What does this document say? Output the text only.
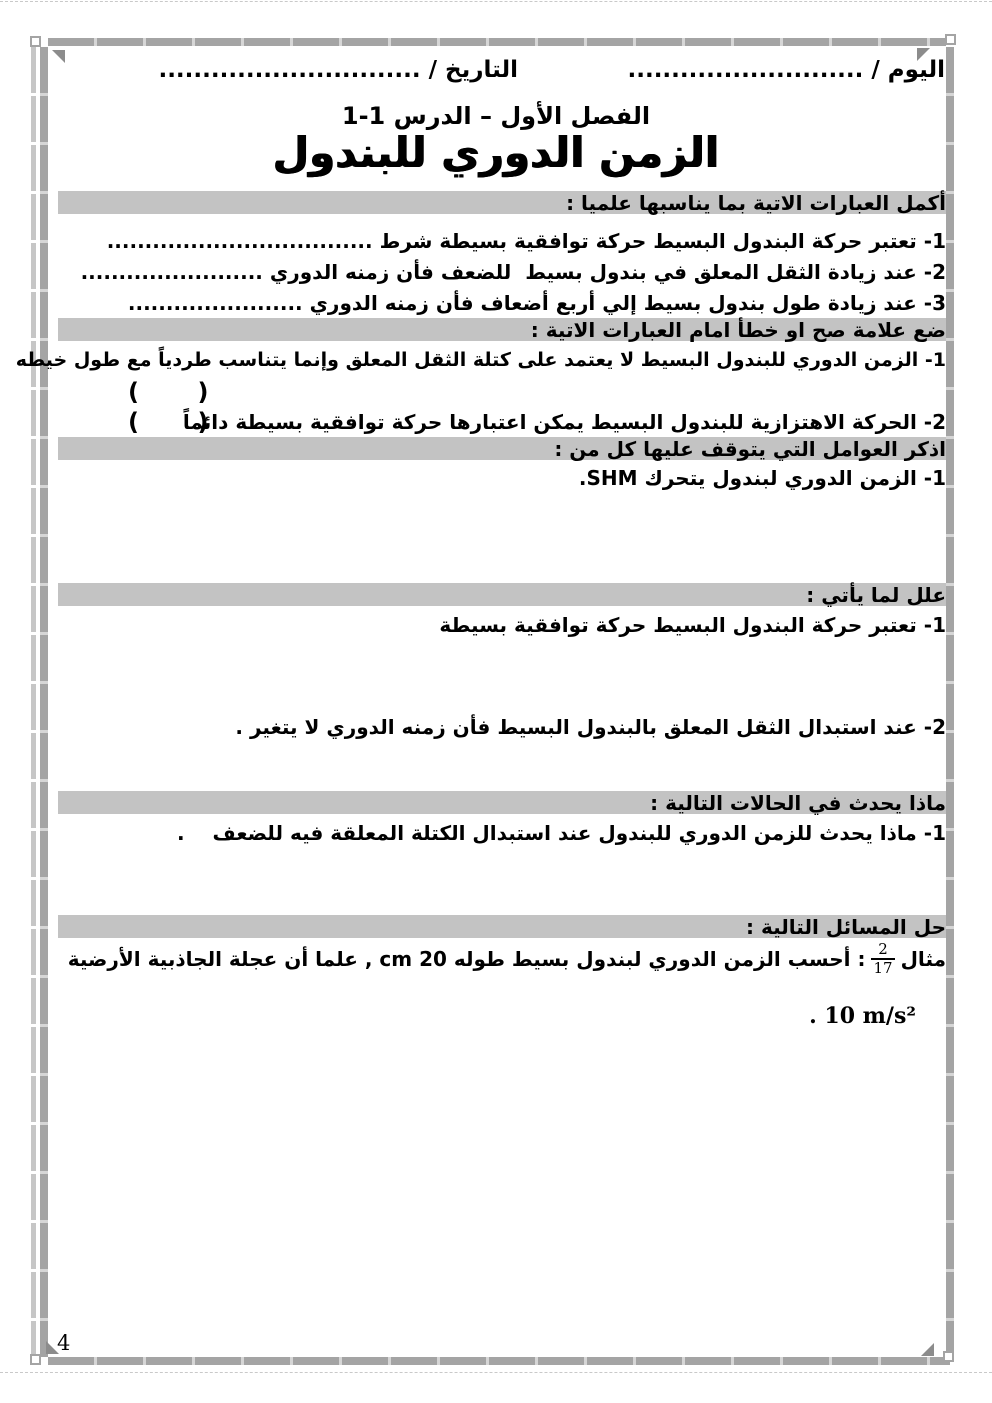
اليوم / ...........................
التاريخ / ..............................
الفصل الأول – الدرس 1-1
الزمن الدوري للبندول
أكمل العبارات الاتية بما يناسبها علميا :
1- تعتبر حركة البندول البسيط حركة توافقية بسيطة شرط ...................................
2- عند زيادة الثقل المعلق في بندول بسيط  للضعف فأن زمنه الدوري ........................
3- عند زيادة طول بندول بسيط إلي أربع أضعاف فأن زمنه الدوري .......................
ضع علامة صح او خطأ امام العبارات الاتية :
1- الزمن الدوري للبندول البسيط لا يعتمد على كتلة الثقل المعلق وإنما يتناسب طردياً مع طول خيطه
(       )
2- الحركة الاهتزازية للبندول البسيط يمكن اعتبارها حركة توافقية بسيطة دائماً
(       )
اذكر العوامل التي يتوقف عليها كل من :
1- الزمن الدوري لبندول يتحرك SHM.
علل لما يأتي :
1- تعتبر حركة البندول البسيط حركة توافقية بسيطة
2- عند استبدال الثقل المعلق بالبندول البسيط فأن زمنه الدوري لا يتغير .
ماذا يحدث في الحالات التالية :
1- ماذا يحدث للزمن الدوري للبندول عند استبدال الكتلة المعلقة فيه للضعف    .
حل المسائل التالية :
مثال
$\frac{2}{17}$
: أحسب الزمن الدوري لبندول بسيط طوله 20 cm , علما أن عجلة الجاذبية الأرضية
. 10 m/s²
4
